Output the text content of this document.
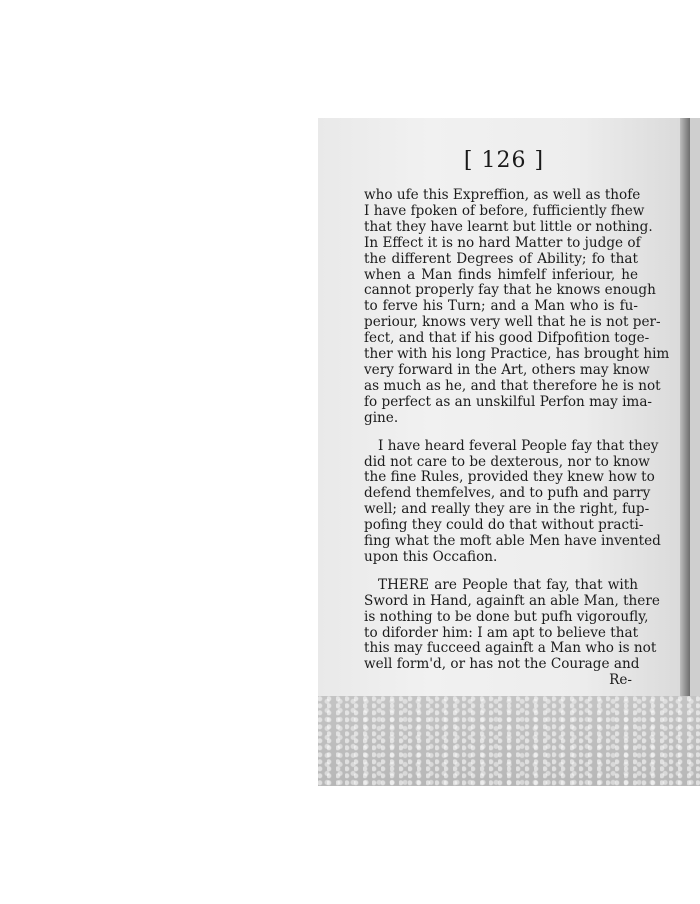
[ 126 ]
who ufe this Expreffion, as well as thofe
I have fpoken of before, fufficiently fhew
that they have learnt but little or nothing.
In Effect it is no hard Matter to judge of
the different Degrees of Ability; fo that
when a Man finds himfelf inferiour, he
cannot properly fay that he knows enough
to ferve his Turn; and a Man who is fu-
periour, knows very well that he is not per-
fect, and that if his good Difpofition toge-
ther with his long Practice, has brought him
very forward in the Art, others may know
as much as he, and that therefore he is not
fo perfect as an unskilful Perfon may ima-
gine.
I have heard feveral People fay that they
did not care to be dexterous, nor to know
the fine Rules, provided they knew how to
defend themfelves, and to pufh and parry
well; and really they are in the right, fup-
pofing they could do that without practi-
fing what the moft able Men have invented
upon this Occafion.
THERE are People that fay, that with
Sword in Hand, againft an able Man, there
is nothing to be done but pufh vigoroufly,
to diforder him: I am apt to believe that
this may fucceed againft a Man who is not
well form'd, or has not the Courage and
Re-
